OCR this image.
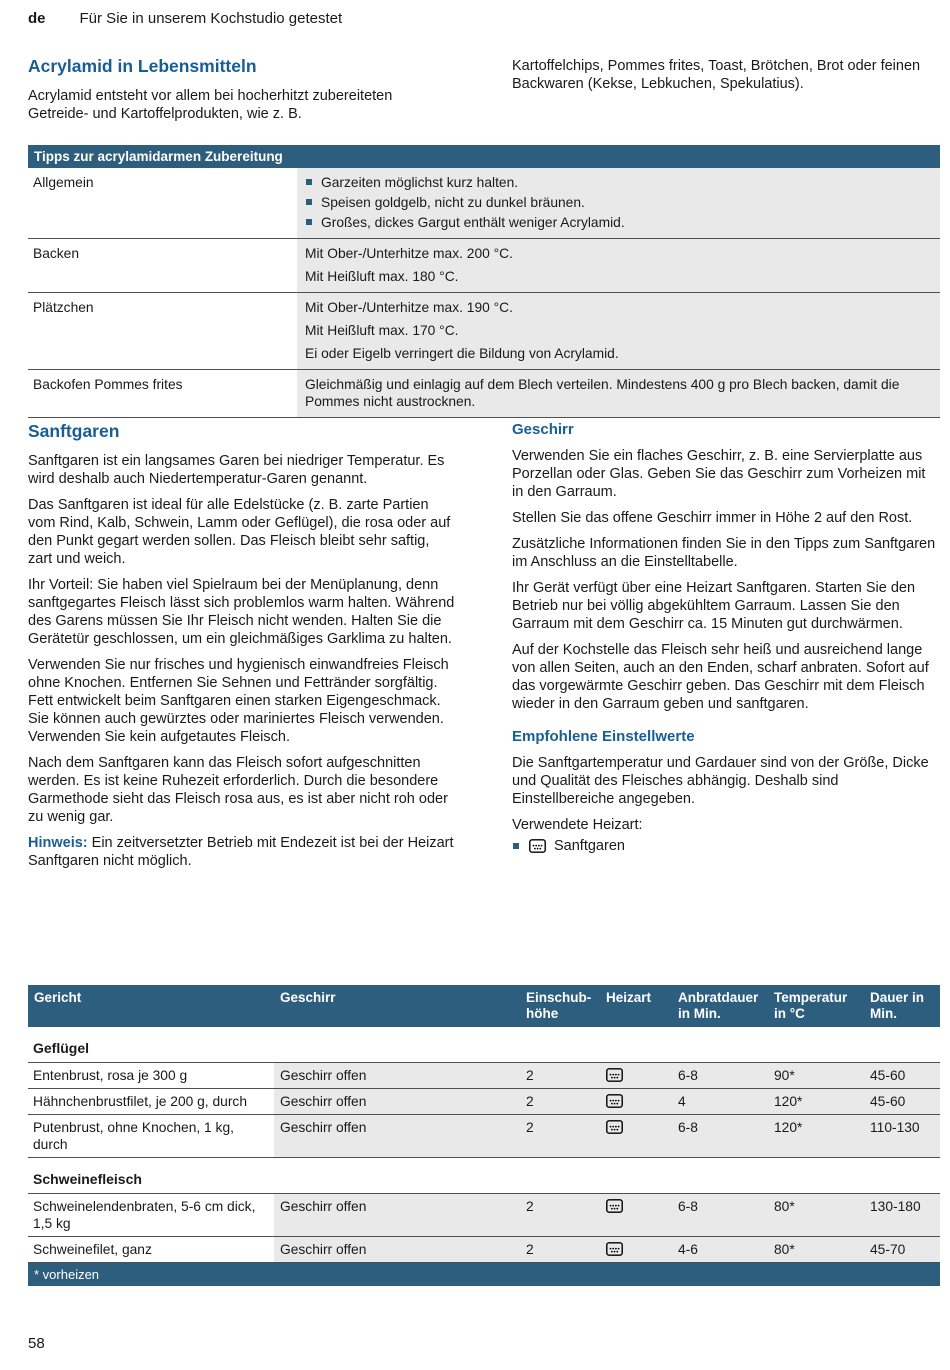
de Für Sie in unserem Kochstudio getestet
Acrylamid in Lebensmitteln

Acrylamid entsteht vor allem bei hocherhitzt zubereiteten Getreide- und Kartoffelprodukten, wie z. B.

Kartoffelchips, Pommes frites, Toast, Brötchen, Brot oder feinen Backwaren (Kekse, Lebkuchen, Spekulatius).

Tipps zur acrylamidarmen Zubereitung
Allgemein	Garzeiten möglichst kurz halten.
Speisen goldgelb, nicht zu dunkel bräunen.
Großes, dickes Gargut enthält weniger Acrylamid.
Backen	Mit Ober-/Unterhitze max. 200 °C.
Mit Heißluft max. 180 °C.
Plätzchen	Mit Ober-/Unterhitze max. 190 °C.
Mit Heißluft max. 170 °C.
Ei oder Eigelb verringert die Bildung von Acrylamid.
Backofen Pommes frites	Gleichmäßig und einlagig auf dem Blech verteilen. Mindestens 400 g pro Blech backen, damit die Pommes nicht austrocknen.
Sanftgaren

Sanftgaren ist ein langsames Garen bei niedriger Temperatur. Es wird deshalb auch Niedertemperatur-Garen genannt.

Das Sanftgaren ist ideal für alle Edelstücke (z. B. zarte Partien vom Rind, Kalb, Schwein, Lamm oder Geflügel), die rosa oder auf den Punkt gegart werden sollen. Das Fleisch bleibt sehr saftig, zart und weich.

Ihr Vorteil: Sie haben viel Spielraum bei der Menüplanung, denn sanftgegartes Fleisch lässt sich problemlos warm halten. Während des Garens müssen Sie Ihr Fleisch nicht wenden. Halten Sie die Gerätetür geschlossen, um ein gleichmäßiges Garklima zu halten.

Verwenden Sie nur frisches und hygienisch einwandfreies Fleisch ohne Knochen. Entfernen Sie Sehnen und Fettränder sorgfältig. Fett entwickelt beim Sanftgaren einen starken Eigengeschmack. Sie können auch gewürztes oder mariniertes Fleisch verwenden. Verwenden Sie kein aufgetautes Fleisch.

Nach dem Sanftgaren kann das Fleisch sofort aufgeschnitten werden. Es ist keine Ruhezeit erforderlich. Durch die besondere Garmethode sieht das Fleisch rosa aus, es ist aber nicht roh oder zu wenig gar.

Hinweis: Ein zeitversetzter Betrieb mit Endezeit ist bei der Heizart Sanftgaren nicht möglich.

Geschirr

Verwenden Sie ein flaches Geschirr, z. B. eine Servierplatte aus Porzellan oder Glas. Geben Sie das Geschirr zum Vorheizen mit in den Garraum.

Stellen Sie das offene Geschirr immer in Höhe 2 auf den Rost.

Zusätzliche Informationen finden Sie in den Tipps zum Sanftgaren im Anschluss an die Einstelltabelle.

Ihr Gerät verfügt über eine Heizart Sanftgaren. Starten Sie den Betrieb nur bei völlig abgekühltem Garraum. Lassen Sie den Garraum mit dem Geschirr ca. 15 Minuten gut durchwärmen.

Auf der Kochstelle das Fleisch sehr heiß und ausreichend lange von allen Seiten, auch an den Enden, scharf anbraten. Sofort auf das vorgewärmte Geschirr geben. Das Geschirr mit dem Fleisch wieder in den Garraum geben und sanftgaren.

Empfohlene Einstellwerte

Die Sanftgartemperatur und Gardauer sind von der Größe, Dicke und Qualität des Fleisches abhängig. Deshalb sind Einstellbereiche angegeben.

Verwendete Heizart:

Sanftgaren
Gericht	Geschirr	Einschub-höhe	Heizart	Anbratdauer in Min.	Temperatur in °C	Dauer in Min.
Geflügel						
Entenbrust, rosa je 300 g	Geschirr offen	2		6-8	90*	45-60
Hähnchenbrustfilet, je 200 g, durch	Geschirr offen	2		4	120*	45-60
Putenbrust, ohne Knochen, 1 kg, durch	Geschirr offen	2		6-8	120*	110-130
Schweinefleisch						
Schweinelendenbraten, 5-6 cm dick, 1,5 kg	Geschirr offen	2		6-8	80*	130-180
Schweinefilet, ganz	Geschirr offen	2		4-6	80*	45-70
* vorheizen						
58
